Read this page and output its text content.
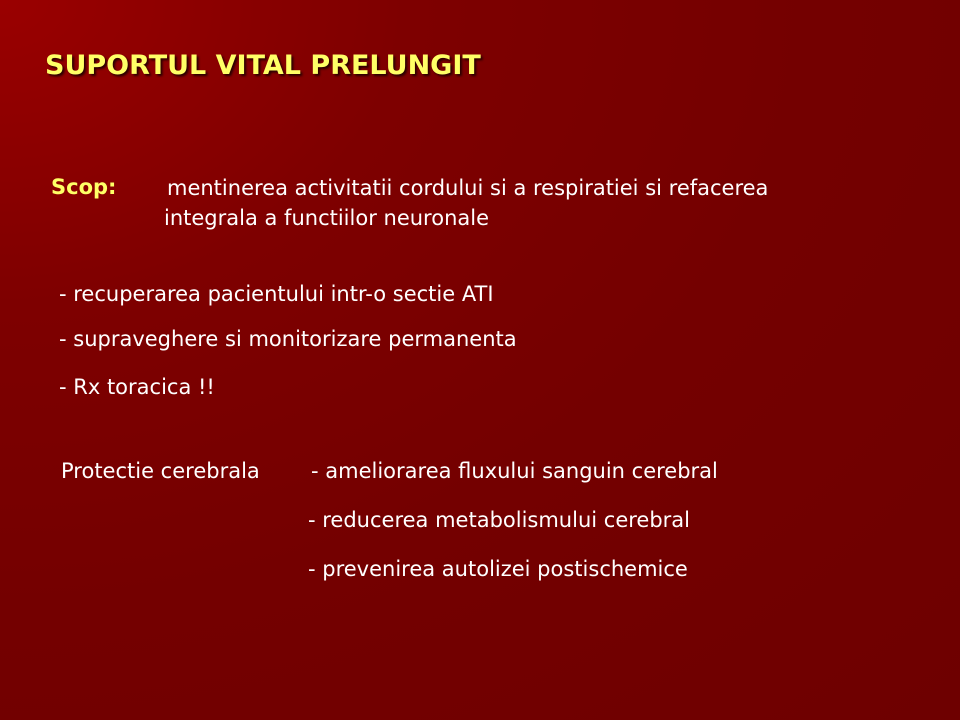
SUPORTUL VITAL PRELUNGIT
Scop: mentinerea activitatii cordului si a respiratiei si refacerea
integrala a functiilor neuronale
- recuperarea pacientului intr-o sectie ATI
- supraveghere si monitorizare permanenta
- Rx toracica !!
Protectie cerebrala - ameliorarea fluxului sanguin cerebral
- reducerea metabolismului cerebral
- prevenirea autolizei postischemice
